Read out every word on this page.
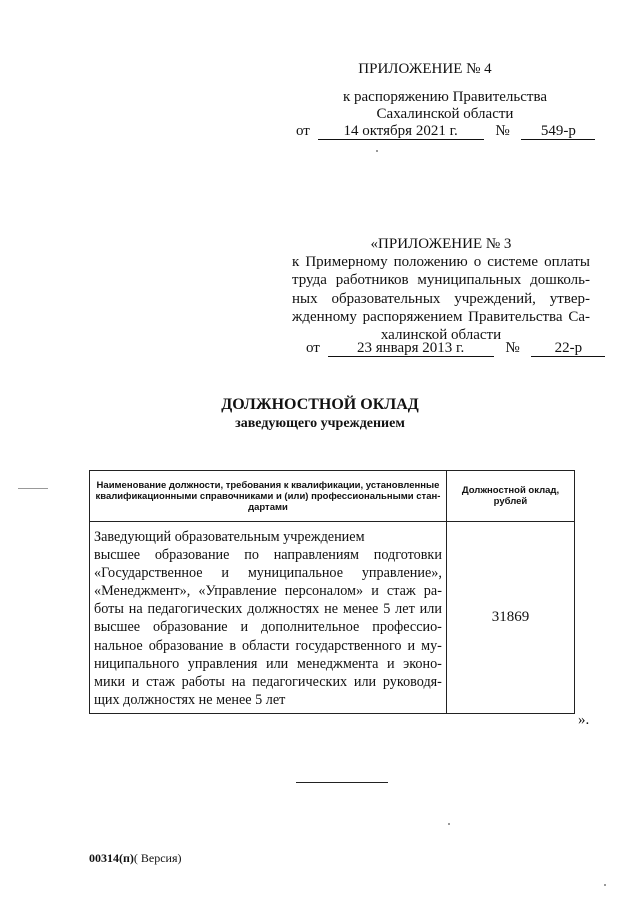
ПРИЛОЖЕНИЕ № 4
к распоряжению Правительства
Сахалинской области
от 14 октября 2021 г.	№ 549-р
«ПРИЛОЖЕНИЕ № 3
к Примерному положению о системе оплаты труда работников муниципальных дошколь-ных образовательных учреждений, утвер-жденному распоряжением Правительства Са-халинской области
от 23 января 2013 г.	№ 22-р
ДОЛЖНОСТНОЙ ОКЛАД
заведующего учреждением
Наименование должности, требования к квалификации, установленные квалификационными справочниками и (или) профессиональными стан-дартами	Должностной оклад, рублей

Заведующий образовательным учреждением
высшее образование по направлениям подготовки «Государственное и муниципальное управление», «Менеджмент», «Управление персоналом» и стаж ра-боты на педагогических должностях не менее 5 лет или высшее образование и дополнительное профессио-нальное образование в области государственного и му-ниципального управления или менеджмента и эконо-мики и стаж работы на педагогических или руководя-щих должностях не менее 5 лет	31869
».
00314(п)( Версия)
